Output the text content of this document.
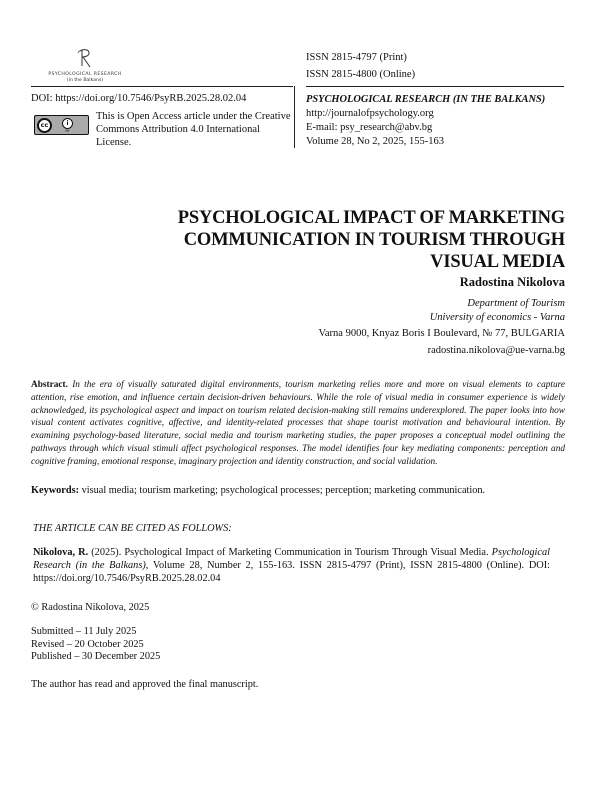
PSYCHOLOGICAL RESEARCH
(in the Balkans)
ISSN 2815-4797 (Print)
ISSN 2815-4800 (Online)
DOI: https://doi.org/10.7546/PsyRB.2025.28.02.04
cc	i
BY
This is Open Access article under the Creative Commons Attribution 4.0 International License.
PSYCHOLOGICAL RESEARCH (IN THE BALKANS)
http://journalofpsychology.org
E-mail: psy_research@abv.bg
Volume 28, No 2, 2025, 155-163
PSYCHOLOGICAL IMPACT OF MARKETING COMMUNICATION IN TOURISM THROUGH VISUAL MEDIA
Radostina Nikolova
Department of Tourism
University of economics - Varna
Varna 9000, Knyaz Boris I Boulevard, № 77, BULGARIA
radostina.nikolova@ue-varna.bg

Abstract. In the era of visually saturated digital environments, tourism marketing relies more and more on visual elements to capture attention, rise emotion, and influence certain decision-driven behaviours. While the role of visual media in consumer experience is widely acknowledged, its psychological aspect and impact on tourism related decision-making still remains underexplored. The paper looks into how visual content activates cognitive, affective, and identity-related processes that shape tourist motivation and behavioural intention. By examining psychology-based literature, social media and tourism marketing studies, the paper proposes a conceptual model outlining the pathways through which visual stimuli affect psychological responses. The model identifies four key mediating components: perception and cognitive framing, emotional response, imaginary projection and identity construction, and social validation.

Keywords: visual media; tourism marketing; psychological processes; perception; marketing communication.

THE ARTICLE CAN BE CITED AS FOLLOWS:

Nikolova, R. (2025). Psychological Impact of Marketing Communication in Tourism Through Visual Media. Psychological Research (in the Balkans), Volume 28, Number 2, 155-163. ISSN 2815-4797 (Print), ISSN 2815-4800 (Online). DOI: https://doi.org/10.7546/PsyRB.2025.28.02.04

© Radostina Nikolova, 2025
Submitted – 11 July 2025
Revised – 20 October 2025
Published – 30 December 2025
The author has read and approved the final manuscript.
